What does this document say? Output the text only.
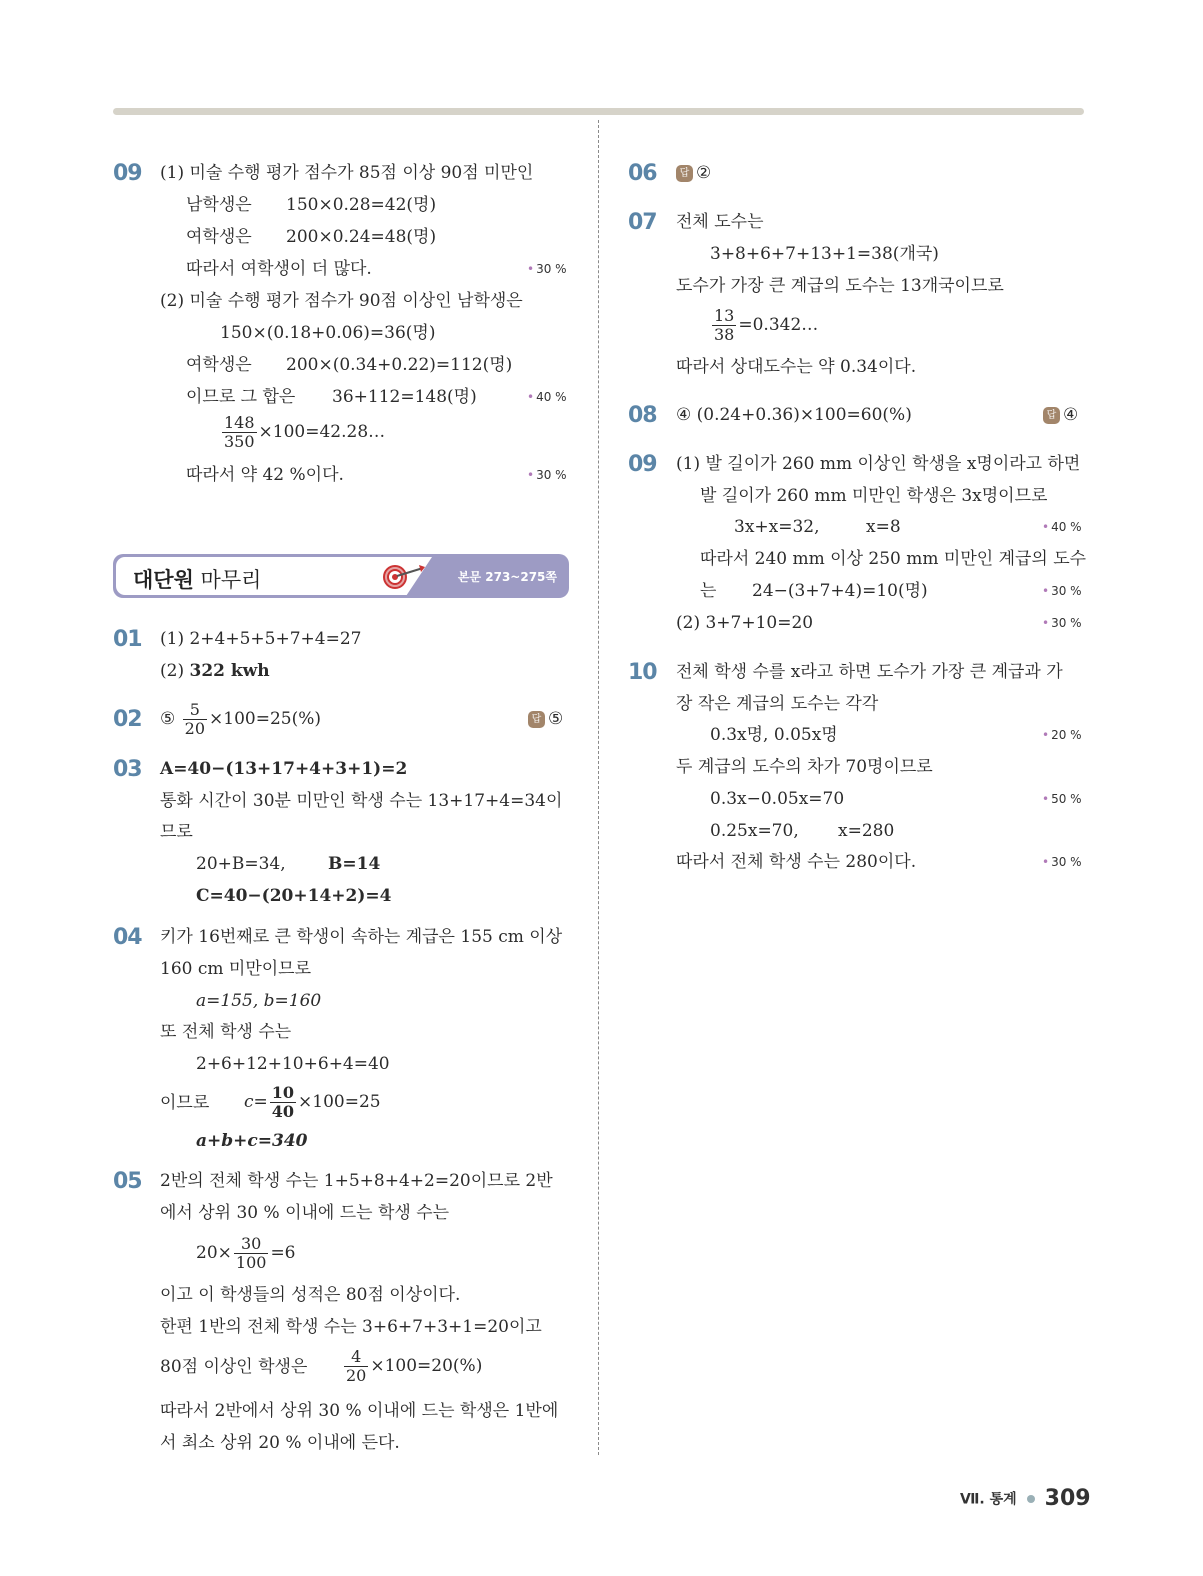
09 (1) 미술 수행 평가 점수가 85점 이상 90점 미만인
남학생은 150×0.28=42(명)
여학생은 200×0.24=48(명)
따라서 여학생이 더 많다.	• 30 %
(2) 미술 수행 평가 점수가 90점 이상인 남학생은
150×(0.18+0.06)=36(명)
여학생은 200×(0.34+0.22)=112(명)
이므로 그 합은 36+112=148(명)	• 40 %
$\frac{148}{350}$ ×100=42.28…
따라서 약 42 %이다.	• 30 %
대단원 마무리	본문 273~275쪽
01 (1) 2+4+5+5+7+4=27
(2) 322 kwh
02 ⑤ $\frac{5}{20} \times 100=25(\%)$	답 ⑤
03 A=40−(13+17+4+3+1)=2
통화 시간이 30분 미만인 학생 수는 13+17+4=34이
므로
20+B=34, B=14
C=40−(20+14+2)=4
04 키가 16번째로 큰 학생이 속하는 계급은 155 cm 이상
160 cm 미만이므로
a=155, b=160
또 전체 학생 수는
2+6+12+10+6+4=40
이므로 $c= \frac{10}{40} \times 100=25$
a+b+c=340
05 2반의 전체 학생 수는 1+5+8+4+2=20이므로 2반
에서 상위 30 % 이내에 드는 학생 수는
$20\times \frac{30}{100} =6$
이고 이 학생들의 성적은 80점 이상이다.
한편 1반의 전체 학생 수는 3+6+7+3+1=20이고
80점 이상인 학생은 $\frac{4}{20} \times 100=20(\%)$
따라서 2반에서 상위 30 % 이내에 드는 학생은 1반에
서 최소 상위 20 % 이내에 든다.
06	답 ②
07 전체 도수는
3+8+6+7+13+1=38(개국)
도수가 가장 큰 계급의 도수는 13개국이므로
$\frac{13}{38}$ =0.342…
따라서 상대도수는 약 0.34이다.
08 ④ (0.24+0.36)×100=60(%)	답 ④
09 (1) 발 길이가 260 mm 이상인 학생을 x명이라고 하면
발 길이가 260 mm 미만인 학생은 3x명이므로
3x+x=32,	x=8	• 40 %
따라서 240 mm 이상 250 mm 미만인 계급의 도수
는 24−(3+7+4)=10(명)	• 30 %
(2) 3+7+10=20	• 30 %
10 전체 학생 수를 x라고 하면 도수가 가장 큰 계급과 가
장 작은 계급의 도수는 각각
0.3x명, 0.05x명	• 20 %
두 계급의 도수의 차가 70명이므로
0.3x−0.05x=70	• 50 %
0.25x=70, x=280
따라서 전체 학생 수는 280이다.	• 30 %
Ⅶ. 통계 309
